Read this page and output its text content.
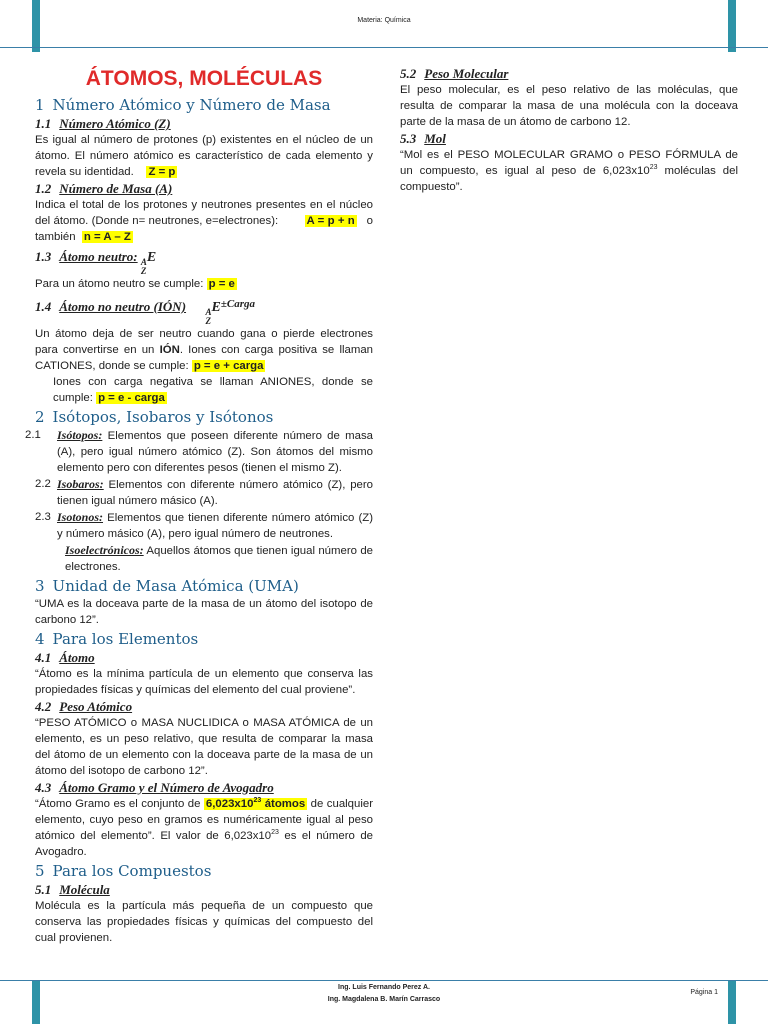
Materia: Química
Ing. Luis Fernando Perez A.
Ing. Magdalena B. Marín Carrasco
Página 1
ÁTOMOS, MOLÉCULAS
1 Número Atómico y Número de Masa
1.1 Número Atómico (Z)

Es igual al número de protones (p) existentes en el núcleo de un átomo. El número atómico es característico de cada elemento y revela su identidad. Z = p

1.2 Número de Masa (A)

Indica el total de los protones y neutrones presentes en el núcleo del átomo. (Donde n= neutrones, e=electrones): A = p + n o también n = A – Z

1.3 Átomo neutro: A
Z
E

Para un átomo neutro se cumple: p = e

1.4 Átomo no neutro (IÓN) A
Z
$E^{\pm Carga}$

Un átomo deja de ser neutro cuando gana o pierde electrones para convertirse en un IÓN. Iones con carga positiva se llaman CATIONES, donde se cumple: p = e + carga

Iones con carga negativa se llaman ANIONES, donde se cumple: p = e - carga

2 Isótopos, Isobaros y Isótonos
2.1	Isótopos: Elementos que poseen diferente número de masa (A), pero igual número atómico (Z). Son átomos del mismo elemento pero con diferentes pesos (tienen el mismo Z).

2.2 Isobaros: Elementos con diferente número atómico (Z), pero tienen igual número másico (A).

2.3 Isotonos: Elementos que tienen diferente número atómico (Z) y número másico (A), pero igual número de neutrones.

Isoelectrónicos: Aquellos átomos que tienen igual número de electrones.

3 Unidad de Masa Atómica (UMA)

“UMA es la doceava parte de la masa de un átomo del isotopo de carbono 12”.

4 Para los Elementos
4.1 Átomo

“Átomo es la mínima partícula de un elemento que conserva las propiedades físicas y químicas del elemento del cual proviene”.

4.2 Peso Atómico

“PESO ATÓMICO o MASA NUCLIDICA o MASA ATÓMICA de un elemento, es un peso relativo, que resulta de comparar la masa del átomo de un elemento con la doceava parte de la masa de un átomo del isotopo de carbono 12”.

4.3 Átomo Gramo y el Número de Avogadro

“Átomo Gramo es el conjunto de $6,023x10^{23}$ átomos de cualquier elemento, cuyo peso en gramos es numéricamente igual al peso atómico del elemento”. El valor de $6,023x10^{23}$ es el número de Avogadro.

5 Para los Compuestos
5.1 Molécula

Molécula es la partícula más pequeña de un compuesto que conserva las propiedades físicas y químicas del compuesto del cual provienen.

5.2 Peso Molecular

El peso molecular, es el peso relativo de las moléculas, que resulta de comparar la masa de una molécula con la doceava parte de la masa de un átomo de carbono 12.

5.3 Mol

“Mol es el PESO MOLECULAR GRAMO o PESO FÓRMULA de un compuesto, es igual al peso de $6,023x10^{23}$ moléculas del compuesto”.
